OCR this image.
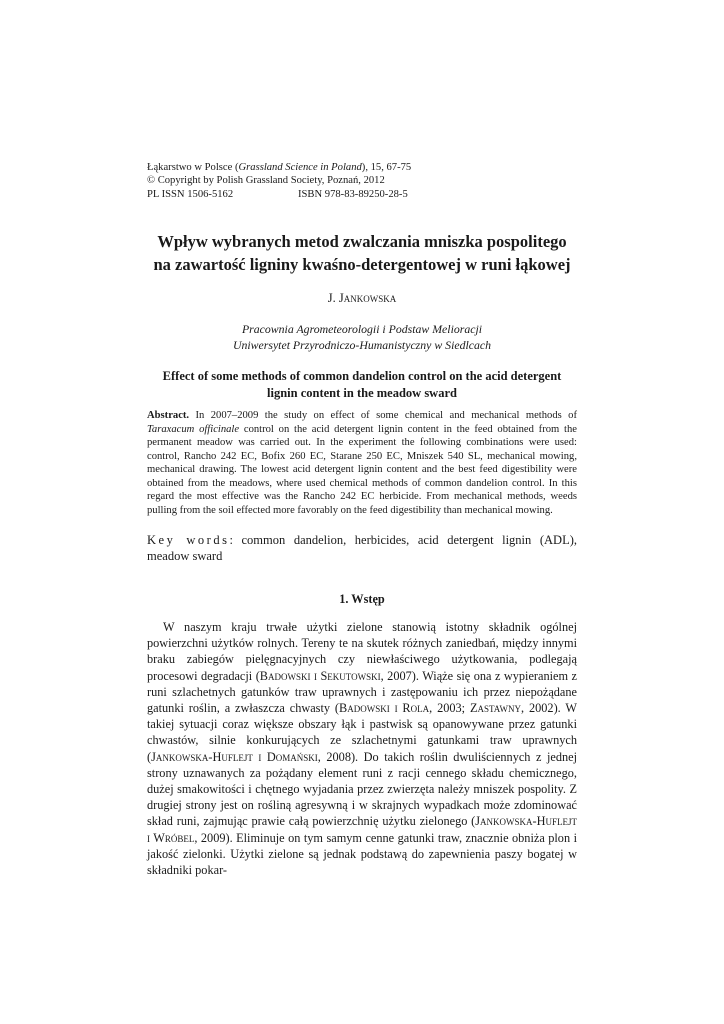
Łąkarstwo w Polsce (Grassland Science in Poland), 15, 67-75
© Copyright by Polish Grassland Society, Poznań, 2012
PL ISSN 1506-5162	ISBN 978-83-89250-28-5
Wpływ wybranych metod zwalczania mniszka pospolitego
na zawartość ligniny kwaśno-detergentowej w runi łąkowej
J. Jankowska
Pracownia Agrometeorologii i Podstaw Melioracji
Uniwersytet Przyrodniczo-Humanistyczny w Siedlcach
Effect of some methods of common dandelion control on the acid detergent
lignin content in the meadow sward
Abstract. In 2007–2009 the study on effect of some chemical and mechanical methods of Taraxacum officinale control on the acid detergent lignin content in the feed obtained from the permanent meadow was carried out. In the experiment the following combinations were used: control, Rancho 242 EC, Bofix 260 EC, Starane 250 EC, Mniszek 540 SL, mechanical mowing, mechanical drawing. The lowest acid detergent lignin content and the best feed digestibility were obtained from the meadows, where used chemical methods of common dandelion control. In this regard the most effective was the Rancho 242 EC herbicide. From mechanical methods, weeds pulling from the soil effected more favorably on the feed digestibility than mechanical mowing.
Key words: common dandelion, herbicides, acid detergent lignin (ADL), meadow sward
1. Wstęp

W naszym kraju trwałe użytki zielone stanowią istotny składnik ogólnej powierzchni użytków rolnych. Tereny te na skutek różnych zaniedbań, między innymi braku zabiegów pielęgnacyjnych czy niewłaściwego użytkowania, podlegają procesowi degradacji (Badowski i Sekutowski, 2007). Wiąże się ona z wypieraniem z runi szlachetnych gatunków traw uprawnych i zastępowaniu ich przez niepożądane gatunki roślin, a zwłaszcza chwasty (Badowski i Rola, 2003; Zastawny, 2002). W takiej sytuacji coraz większe obszary łąk i pastwisk są opanowywane przez gatunki chwastów, silnie konkurujących ze szlachetnymi gatunkami traw uprawnych (Jankowska-Huflejt i Domański, 2008). Do takich roślin dwuliściennych z jednej strony uznawanych za pożądany element runi z racji cennego składu chemicznego, dużej smakowitości i chętnego wyjadania przez zwierzęta należy mniszek pospolity. Z drugiej strony jest on rośliną agresywną i w skrajnych wypadkach może zdominować skład runi, zajmując prawie całą powierzchnię użytku zielonego (Jankowska-Huflejt i Wróbel, 2009). Eliminuje on tym samym cenne gatunki traw, znacznie obniża plon i jakość zielonki. Użytki zielone są jednak podstawą do zapewnienia paszy bogatej w składniki pokar-
